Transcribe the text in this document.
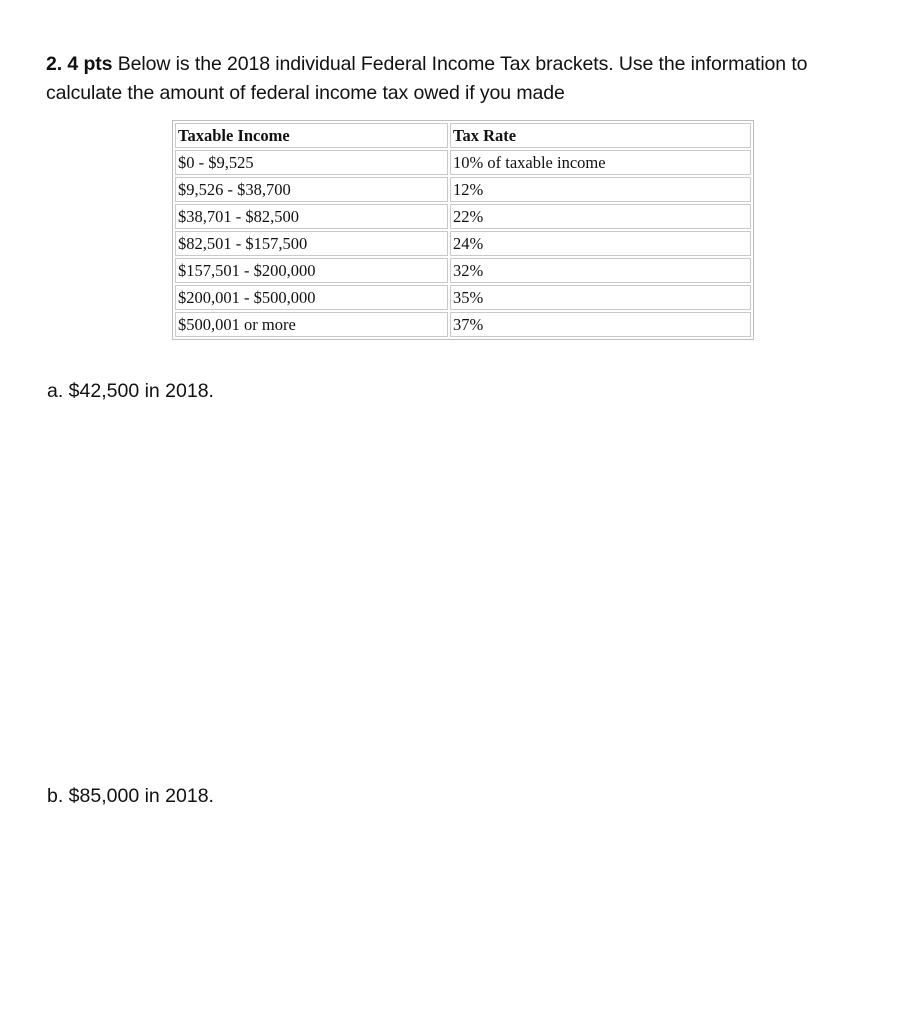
2. 4 pts Below is the 2018 individual Federal Income Tax brackets. Use the information to
calculate the amount of federal income tax owed if you made
Taxable Income	Tax Rate
$0 - $9,525	10% of taxable income
$9,526 - $38,700	12%
$38,701 - $82,500	22%
$82,501 - $157,500	24%
$157,501 - $200,000	32%
$200,001 - $500,000	35%
$500,001 or more	37%
a. $42,500 in 2018.
b. $85,000 in 2018.
